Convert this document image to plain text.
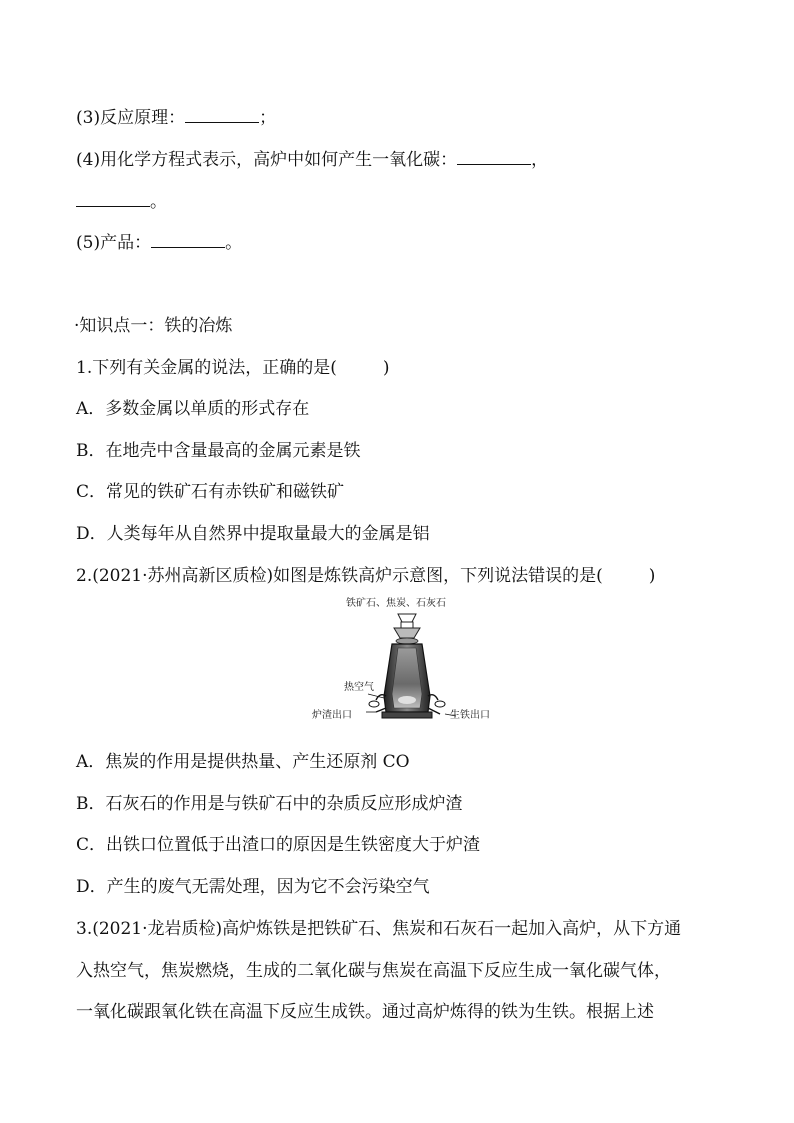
(3)反应原理：	；
(4)用化学方程式表示，高炉中如何产生一氧化碳：	，
。
(5)产品：	。
·知识点一：铁的冶炼
1.下列有关金属的说法，正确的是(	)
A．多数金属以单质的形式存在
B．在地壳中含量最高的金属元素是铁
C．常见的铁矿石有赤铁矿和磁铁矿
D．人类每年从自然界中提取量最大的金属是铝
2.(2021·苏州高新区质检)如图是炼铁高炉示意图，下列说法错误的是(	)
铁矿石、焦炭、石灰石
热空气
炉渣出口	生铁出口
A．焦炭的作用是提供热量、产生还原剂 CO
B．石灰石的作用是与铁矿石中的杂质反应形成炉渣
C．出铁口位置低于出渣口的原因是生铁密度大于炉渣
D．产生的废气无需处理，因为它不会污染空气
3.(2021·龙岩质检)高炉炼铁是把铁矿石、焦炭和石灰石一起加入高炉，从下方通
入热空气，焦炭燃烧，生成的二氧化碳与焦炭在高温下反应生成一氧化碳气体，
一氧化碳跟氧化铁在高温下反应生成铁。通过高炉炼得的铁为生铁。根据上述
